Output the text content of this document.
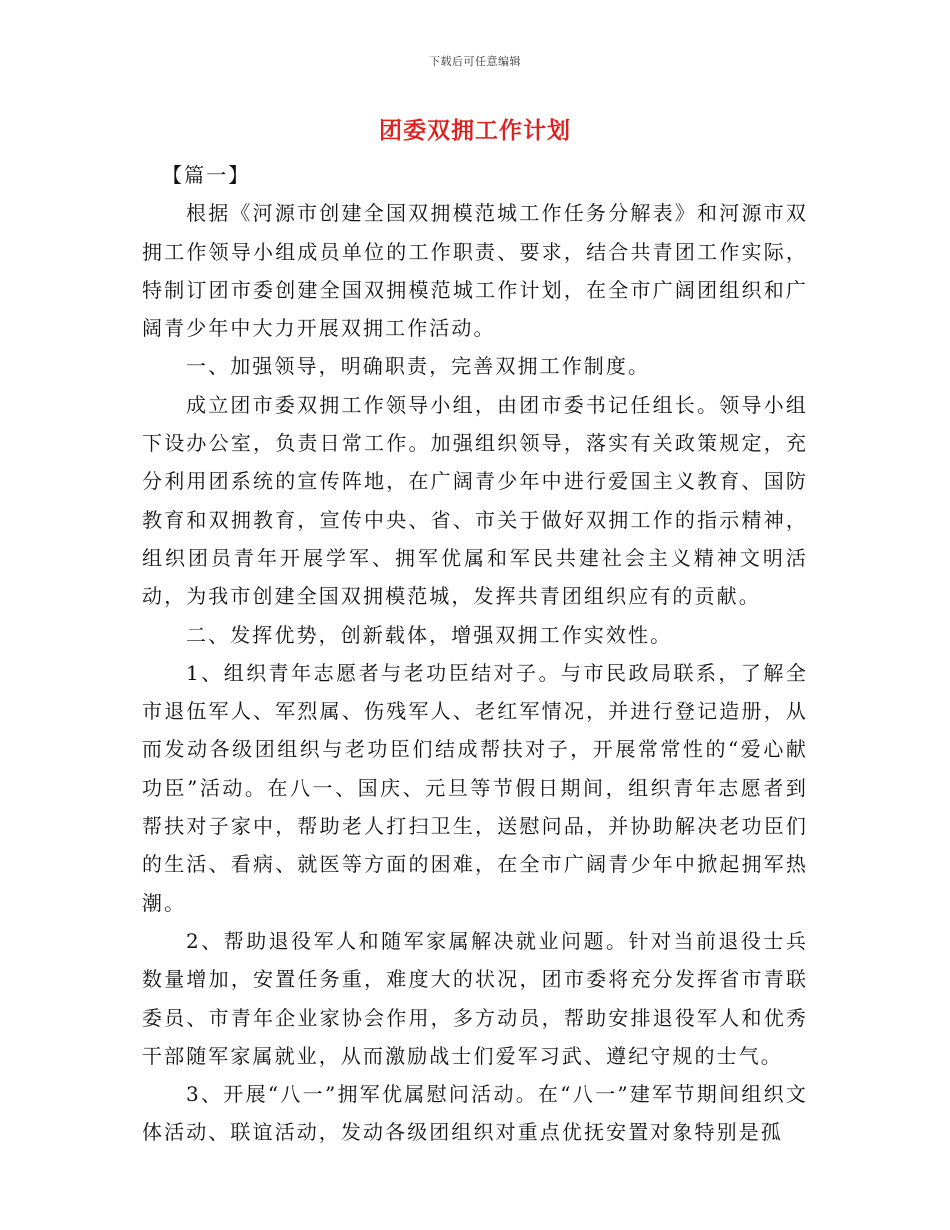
下载后可任意编辑
团委双拥工作计划

【篇一】

根据《河源市创建全国双拥模范城工作任务分解表》和河源市双拥工作领导小组成员单位的工作职责、要求，结合共青团工作实际，特制订团市委创建全国双拥模范城工作计划，在全市广阔团组织和广阔青少年中大力开展双拥工作活动。

一、加强领导，明确职责，完善双拥工作制度。

成立团市委双拥工作领导小组，由团市委书记任组长。领导小组下设办公室，负责日常工作。加强组织领导，落实有关政策规定，充分利用团系统的宣传阵地，在广阔青少年中进行爱国主义教育、国防教育和双拥教育，宣传中央、省、市关于做好双拥工作的指示精神，组织团员青年开展学军、拥军优属和军民共建社会主义精神文明活动，为我市创建全国双拥模范城，发挥共青团组织应有的贡献。

二、发挥优势，创新载体，增强双拥工作实效性。

1、组织青年志愿者与老功臣结对子。与市民政局联系，了解全市退伍军人、军烈属、伤残军人、老红军情况，并进行登记造册，从而发动各级团组织与老功臣们结成帮扶对子，开展常常性的“爱心献功臣”活动。在八一、国庆、元旦等节假日期间，组织青年志愿者到帮扶对子家中，帮助老人打扫卫生，送慰问品，并协助解决老功臣们的生活、看病、就医等方面的困难，在全市广阔青少年中掀起拥军热潮。

2、帮助退役军人和随军家属解决就业问题。针对当前退役士兵数量增加，安置任务重，难度大的状况，团市委将充分发挥省市青联委员、市青年企业家协会作用，多方动员，帮助安排退役军人和优秀干部随军家属就业，从而激励战士们爱军习武、遵纪守规的士气。

3、开展“八一”拥军优属慰问活动。在“八一”建军节期间组织文体活动、联谊活动，发动各级团组织对重点优抚安置对象特别是孤
